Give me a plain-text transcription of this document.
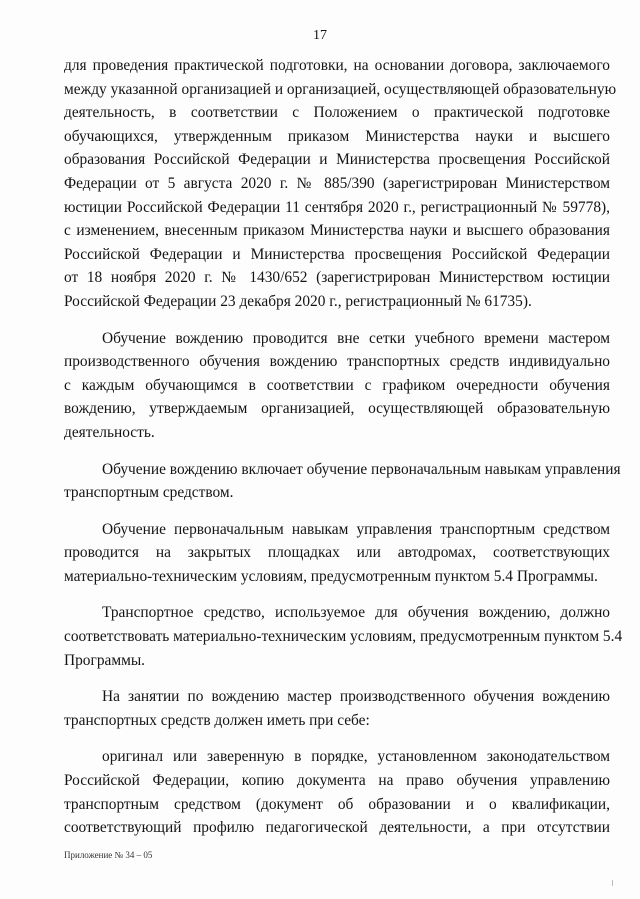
17
для проведения практической подготовки, на основании договора, заключаемого
между указанной организацией и организацией, осуществляющей образовательную
деятельность, в соответствии с Положением о практической подготовке
обучающихся, утвержденным приказом Министерства науки и высшего
образования Российской Федерации и Министерства просвещения Российской
Федерации от 5 августа 2020 г. № 885/390 (зарегистрирован Министерством
юстиции Российской Федерации 11 сентября 2020 г., регистрационный № 59778),
с изменением, внесенным приказом Министерства науки и высшего образования
Российской Федерации и Министерства просвещения Российской Федерации
от 18 ноября 2020 г. № 1430/652 (зарегистрирован Министерством юстиции
Российской Федерации 23 декабря 2020 г., регистрационный № 61735).
Обучение вождению проводится вне сетки учебного времени мастером
производственного обучения вождению транспортных средств индивидуально
с каждым обучающимся в соответствии с графиком очередности обучения
вождению, утверждаемым организацией, осуществляющей образовательную
деятельность.
Обучение вождению включает обучение первоначальным навыкам управления
транспортным средством.
Обучение первоначальным навыкам управления транспортным средством
проводится на закрытых площадках или автодромах, соответствующих
материально-техническим условиям, предусмотренным пунктом 5.4 Программы.
Транспортное средство, используемое для обучения вождению, должно
соответствовать материально-техническим условиям, предусмотренным пунктом 5.4
Программы.
На занятии по вождению мастер производственного обучения вождению
транспортных средств должен иметь при себе:
оригинал или заверенную в порядке, установленном законодательством
Российской Федерации, копию документа на право обучения управлению
транспортным средством (документ об образовании и о квалификации,
соответствующий профилю педагогической деятельности, а при отсутствии
Приложение № 34 – 05
